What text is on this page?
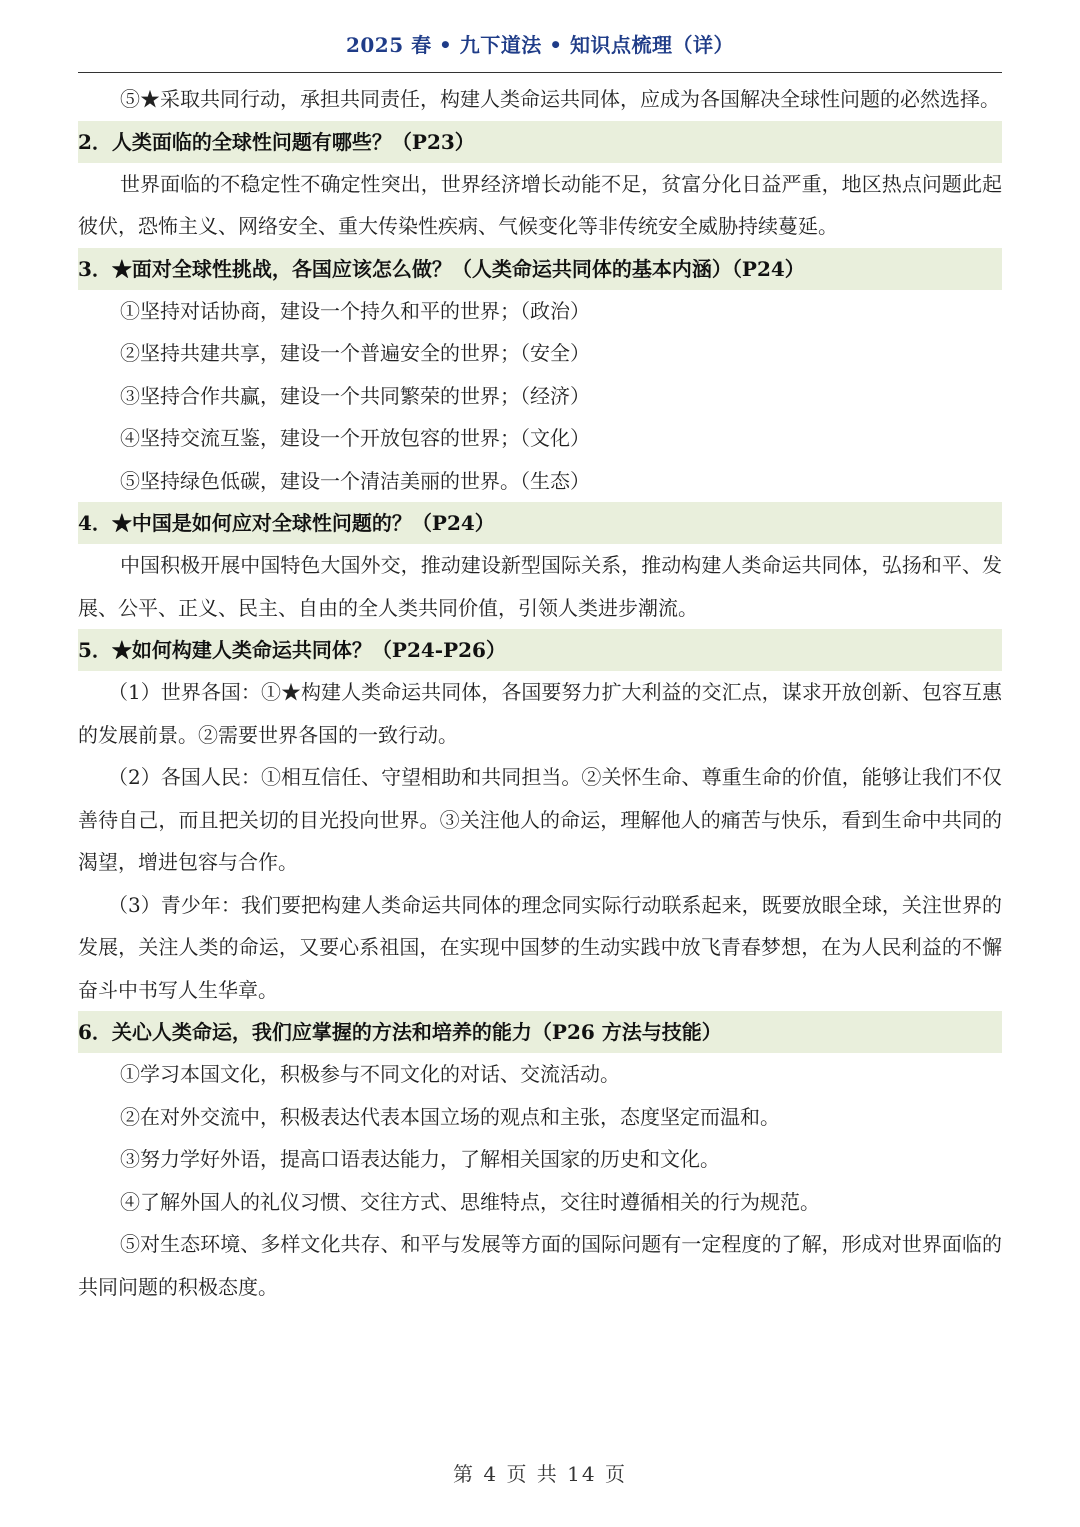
2025 春 • 九下道法 • 知识点梳理（详）

⑤★采取共同行动，承担共同责任，构建人类命运共同体，应成为各国解决全球性问题的必然选择。

2．人类面临的全球性问题有哪些？（P23）

世界面临的不稳定性不确定性突出，世界经济增长动能不足，贫富分化日益严重，地区热点问题此起彼伏，恐怖主义、网络安全、重大传染性疾病、气候变化等非传统安全威胁持续蔓延。

3．★面对全球性挑战，各国应该怎么做？（人类命运共同体的基本内涵）（P24）

①坚持对话协商，建设一个持久和平的世界；（政治）

②坚持共建共享，建设一个普遍安全的世界；（安全）

③坚持合作共赢，建设一个共同繁荣的世界；（经济）

④坚持交流互鉴，建设一个开放包容的世界；（文化）

⑤坚持绿色低碳，建设一个清洁美丽的世界。（生态）

4．★中国是如何应对全球性问题的？（P24）

中国积极开展中国特色大国外交，推动建设新型国际关系，推动构建人类命运共同体，弘扬和平、发展、公平、正义、民主、自由的全人类共同价值，引领人类进步潮流。

5．★如何构建人类命运共同体？（P24-P26）

（1）世界各国：①★构建人类命运共同体，各国要努力扩大利益的交汇点，谋求开放创新、包容互惠的发展前景。②需要世界各国的一致行动。

（2）各国人民：①相互信任、守望相助和共同担当。②关怀生命、尊重生命的价值，能够让我们不仅善待自己，而且把关切的目光投向世界。③关注他人的命运，理解他人的痛苦与快乐，看到生命中共同的渴望，增进包容与合作。

（3）青少年：我们要把构建人类命运共同体的理念同实际行动联系起来，既要放眼全球，关注世界的发展，关注人类的命运，又要心系祖国，在实现中国梦的生动实践中放飞青春梦想，在为人民利益的不懈奋斗中书写人生华章。

6．关心人类命运，我们应掌握的方法和培养的能力（P26 方法与技能）

①学习本国文化，积极参与不同文化的对话、交流活动。

②在对外交流中，积极表达代表本国立场的观点和主张，态度坚定而温和。

③努力学好外语，提高口语表达能力，了解相关国家的历史和文化。

④了解外国人的礼仪习惯、交往方式、思维特点，交往时遵循相关的行为规范。

⑤对生态环境、多样文化共存、和平与发展等方面的国际问题有一定程度的了解，形成对世界面临的共同问题的积极态度。

第 4 页 共 14 页
